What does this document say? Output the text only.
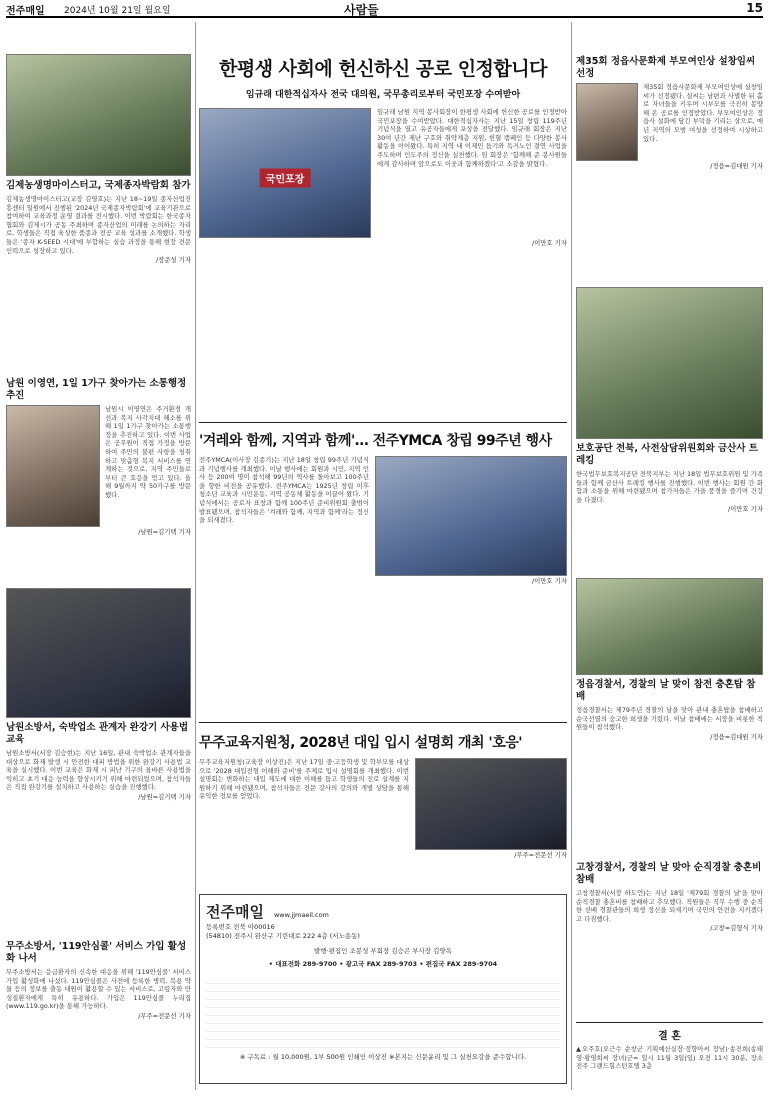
전주매일 2024년 10월 21일 월요일	사람들	15
김제농생명마이스터고, 국제종자박람회 참가
김제농생명마이스터고(교장 김영호)는 지난 18~19일 종자산업진흥센터 일원에서 진행된 '2024년 국제종자박람회'에 교육기관으로 참여하여 교육과정 운영 결과를 전시했다. 이번 박람회는 한국종자협회와 김제시가 공동 주최하며 종자산업의 미래를 논의하는 자리로, 학생들은 직접 육성한 품종과 전공 교육 성과를 소개했다. 학생들은 '종자 K-SEED 시대'에 부합하는 실습 과정을 통해 현장 전문 인력으로 성장하고 있다.
/장준성 기자
남원 이영연, 1일 1가구 찾아가는 소통행정 추진
남원시 이영연은 주거환경 개선과 복지 사각지대 해소를 위해 1일 1가구 찾아가는 소통행정을 추진하고 있다. 이번 사업은 공무원이 직접 가정을 방문하여 주민의 불편 사항을 청취하고 맞춤형 복지 서비스를 연계하는 것으로, 지역 주민들로부터 큰 호응을 얻고 있다. 올해 9월까지 약 50가구를 방문했다.
/남원=김기택 기자
남원소방서, 숙박업소 관계자 완강기 사용법 교육
남원소방서(서장 김승현)는 지난 16일, 관내 숙박업소 관계자들을 대상으로 화재 발생 시 안전한 대피 방법을 위한 완강기 사용법 교육을 실시했다. 이번 교육은 화재 시 피난 기구의 올바른 사용법을 익히고 초기 대응 능력을 향상시키기 위해 마련되었으며, 참석자들은 직접 완강기를 설치하고 사용하는 실습을 진행했다.
/남원=김기택 기자
무주소방서, '119안심콜' 서비스 가입 활성화 나서
무주소방서는 응급환자의 신속한 대응을 위해 '119안심콜' 서비스 가입 활성화에 나섰다. 119안심콜은 사전에 등록한 병력, 복용 약물 등의 정보를 출동 대원이 활용할 수 있는 서비스로, 고령자와 만성질환자에게 특히 유용하다. 가입은 119안심콜 누리집(www.119.go.kr)을 통해 가능하다.
/무주=전문선 기자
한평생 사회에 헌신하신 공로 인정합니다
임규래 대한적십자사 전국 대의원, 국무총리로부터 국민포장 수여받아
국민포장
임규래 남원 지역 봉사회장이 한평생 사회에 헌신한 공로를 인정받아 국민포장을 수여받았다. 대한적십자사는 지난 15일 창립 119주년 기념식을 열고 유공자들에게 포상을 전달했다. 임규래 회장은 지난 30여 년간 재난 구호와 취약계층 지원, 헌혈 캠페인 등 다양한 봉사 활동을 이어왔다. 특히 지역 내 이재민 돕기와 독거노인 결연 사업을 주도하며 인도주의 정신을 실천했다. 임 회장은 '함께해 준 봉사원들에게 감사하며 앞으로도 이웃과 함께하겠다'고 소감을 밝혔다.
/이만호 기자
'겨레와 함께, 지역과 함께'… 전주YMCA 창립 99주년 행사
전주YMCA(이사장 김종기)는 지난 18일 창립 99주년 기념식과 기념행사를 개최했다. 이날 행사에는 회원과 시민, 지역 인사 등 200여 명이 참석해 99년의 역사를 돌아보고 100주년을 향한 비전을 공유했다. 전주YMCA는 1925년 창립 이후 청소년 교육과 시민운동, 지역 공동체 활동을 이끌어 왔다. 기념식에서는 공로자 표창과 함께 100주년 준비위원회 출범이 발표됐으며, 참석자들은 '겨레와 함께, 지역과 함께'라는 정신을 되새겼다.
/이만호 기자
무주교육지원청, 2028년 대입 입시 설명회 개최 '호응'
무주교육지원청(교육장 이상진)은 지난 17일 중·고등학생 및 학부모를 대상으로 '2028 대입전형 이해와 준비'를 주제로 입시 설명회를 개최했다. 이번 설명회는 변화하는 대입 제도에 대한 이해를 돕고 학생들의 진로 설계를 지원하기 위해 마련됐으며, 참석자들은 전문 강사의 강의와 개별 상담을 통해 유익한 정보를 얻었다.
/무주=전문선 기자
전주매일 www.jjmaeil.com
등록번호 전북 아00016
(54810) 전주시 완산구 기린대로 222 4층 (서노송동)
발행·편집인 조봉성 부회장 김승곤 부사장 김양옥
• 대표전화 289-9700 • 광고국 FAX 289-9703 • 편집국 FAX 289-9704
※ 구독료 : 월 10,000원, 1부 500원 인쇄인 이상진 ※본지는 신문윤리 및 그 실천요강을 준수합니다.
제35회 정읍사문화제 부모여인상 설창임씨 선정
제35회 정읍사문화제 부모여인상에 설창임씨가 선정됐다. 설씨는 남편과 사별한 뒤 홀로 자녀들을 키우며 시부모를 극진히 봉양해 온 공로를 인정받았다. 부모여인상은 정읍사 설화에 담긴 부덕을 기리는 상으로, 매년 지역의 모범 여성을 선정하여 시상하고 있다.
/정읍=김대원 기자
보호공단 전북, 사전삼담위원회와 금산사 트레킹
한국법무보호복지공단 전북지부는 지난 18일 법무보호위원 및 가족들과 함께 금산사 트레킹 행사를 진행했다. 이번 행사는 회원 간 화합과 소통을 위해 마련됐으며 참가자들은 가을 풍경을 즐기며 건강을 다졌다.
/이만호 기자
정읍경찰서, 경찰의 날 맞이 참전 충혼탑 참배
정읍경찰서는 제79주년 경찰의 날을 맞아 관내 충혼탑을 참배하고 순국선열의 숭고한 희생을 기렸다. 이날 참배에는 서장을 비롯한 직원들이 참석했다.
/정읍=김대원 기자
고창경찰서, 경찰의 날 맞아 순직경찰 충혼비 참배
고창경찰서(서장 하도언)는 지난 18일 '제79회 경찰의 날'을 맞아 순직경찰 충혼비를 참배하고 추모했다. 직원들은 직무 수행 중 순직한 선배 경찰관들의 희생 정신을 되새기며 국민의 안전을 지키겠다고 다짐했다.
/고창=김형식 기자
결 혼
▲오주호(오근수 순창군 기획예산실장·정향아씨 장남)·송진희(송태영·황영희씨 장녀)군= 일시 11월 3일(일) 오전 11시 30분, 장소 전주 그랜드힐스턴호텔 3층
